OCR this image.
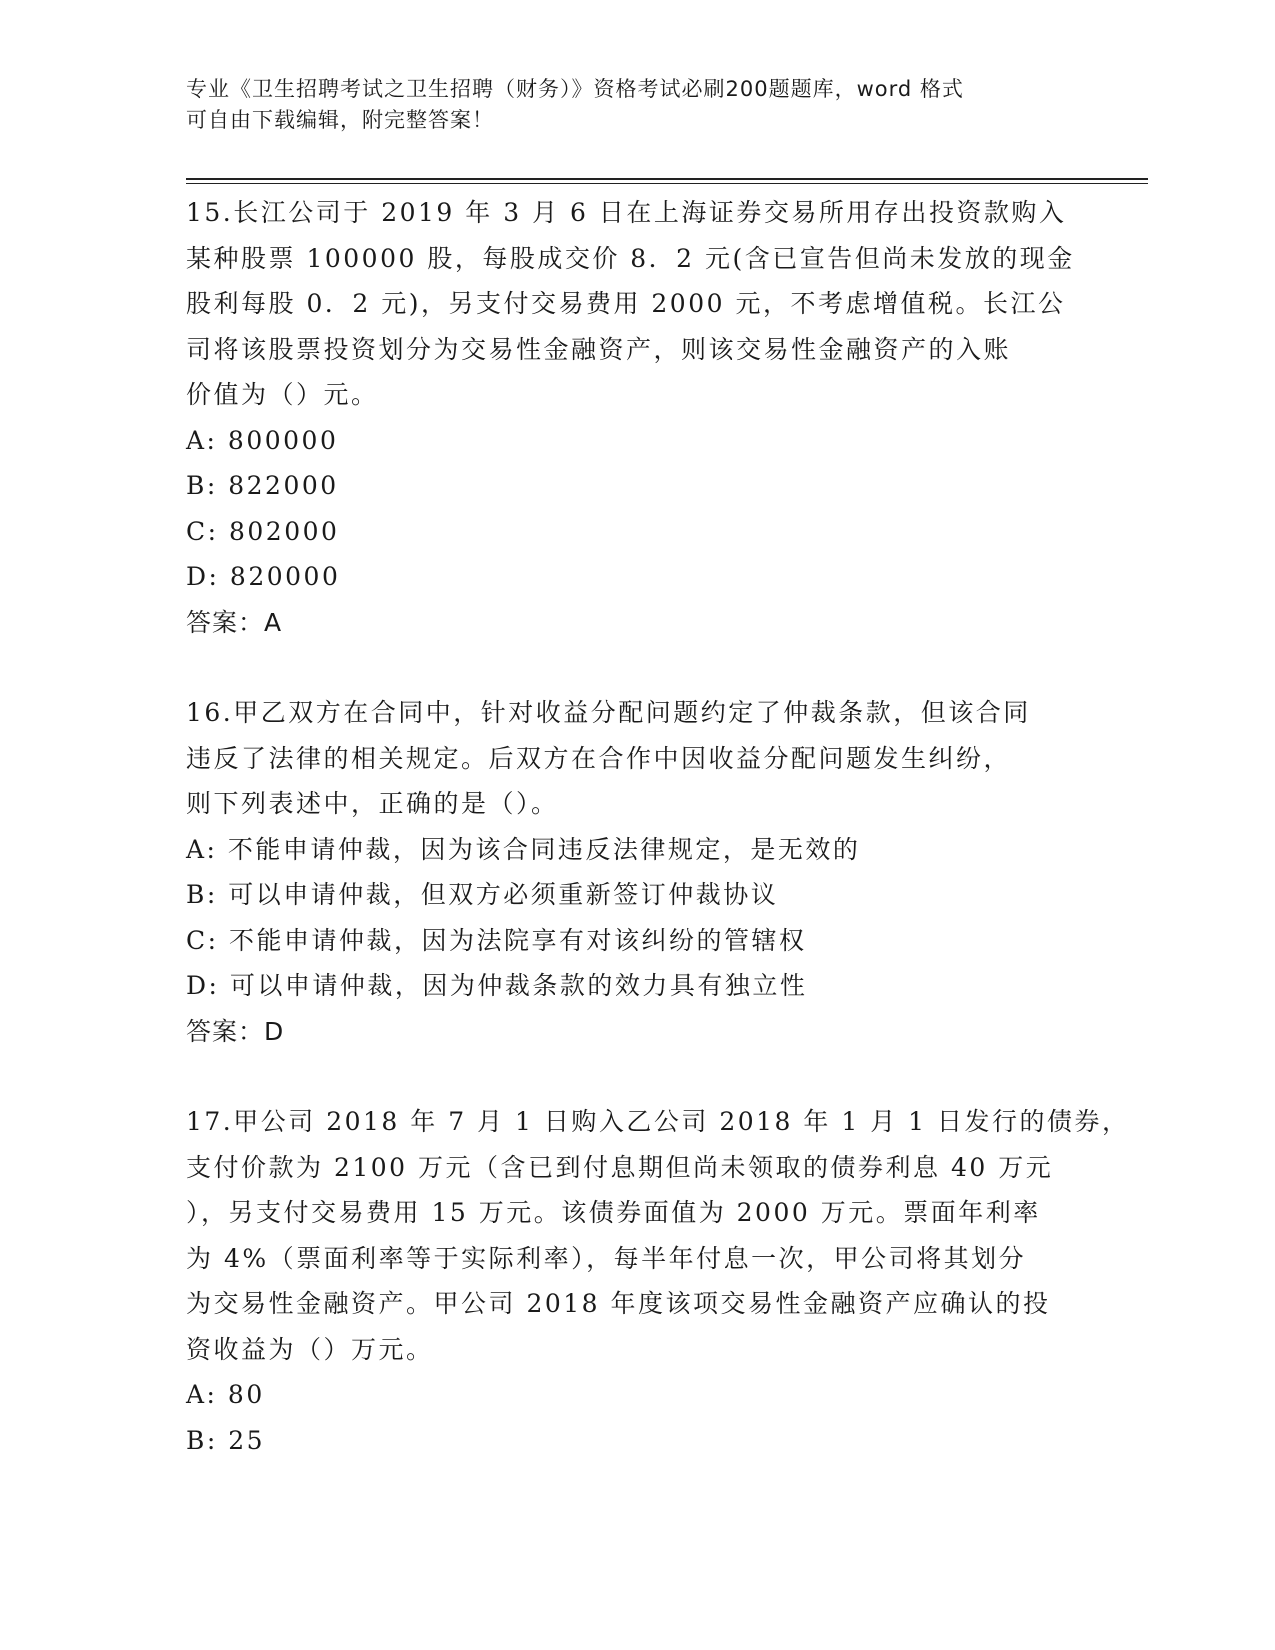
专业《卫生招聘考试之卫生招聘（财务）》资格考试必刷200题题库，word 格式
可自由下载编辑，附完整答案！
15.长江公司于 2019 年 3 月 6 日在上海证券交易所用存出投资款购入
某种股票 100000 股，每股成交价 8．2 元(含已宣告但尚未发放的现金
股利每股 0．2 元)，另支付交易费用 2000 元，不考虑增值税。长江公
司将该股票投资划分为交易性金融资产，则该交易性金融资产的入账
价值为（）元。
A: 800000
B: 822000
C: 802000
D: 820000
答案：A
16.甲乙双方在合同中，针对收益分配问题约定了仲裁条款，但该合同
违反了法律的相关规定。后双方在合作中因收益分配问题发生纠纷，
则下列表述中，正确的是（）。
A: 不能申请仲裁，因为该合同违反法律规定，是无效的
B: 可以申请仲裁，但双方必须重新签订仲裁协议
C: 不能申请仲裁，因为法院享有对该纠纷的管辖权
D: 可以申请仲裁，因为仲裁条款的效力具有独立性
答案：D
17.甲公司 2018 年 7 月 1 日购入乙公司 2018 年 1 月 1 日发行的债券，
支付价款为 2100 万元（含已到付息期但尚未领取的债券利息 40 万元
），另支付交易费用 15 万元。该债券面值为 2000 万元。票面年利率
为 4%（票面利率等于实际利率），每半年付息一次，甲公司将其划分
为交易性金融资产。甲公司 2018 年度该项交易性金融资产应确认的投
资收益为（）万元。
A: 80
B: 25
